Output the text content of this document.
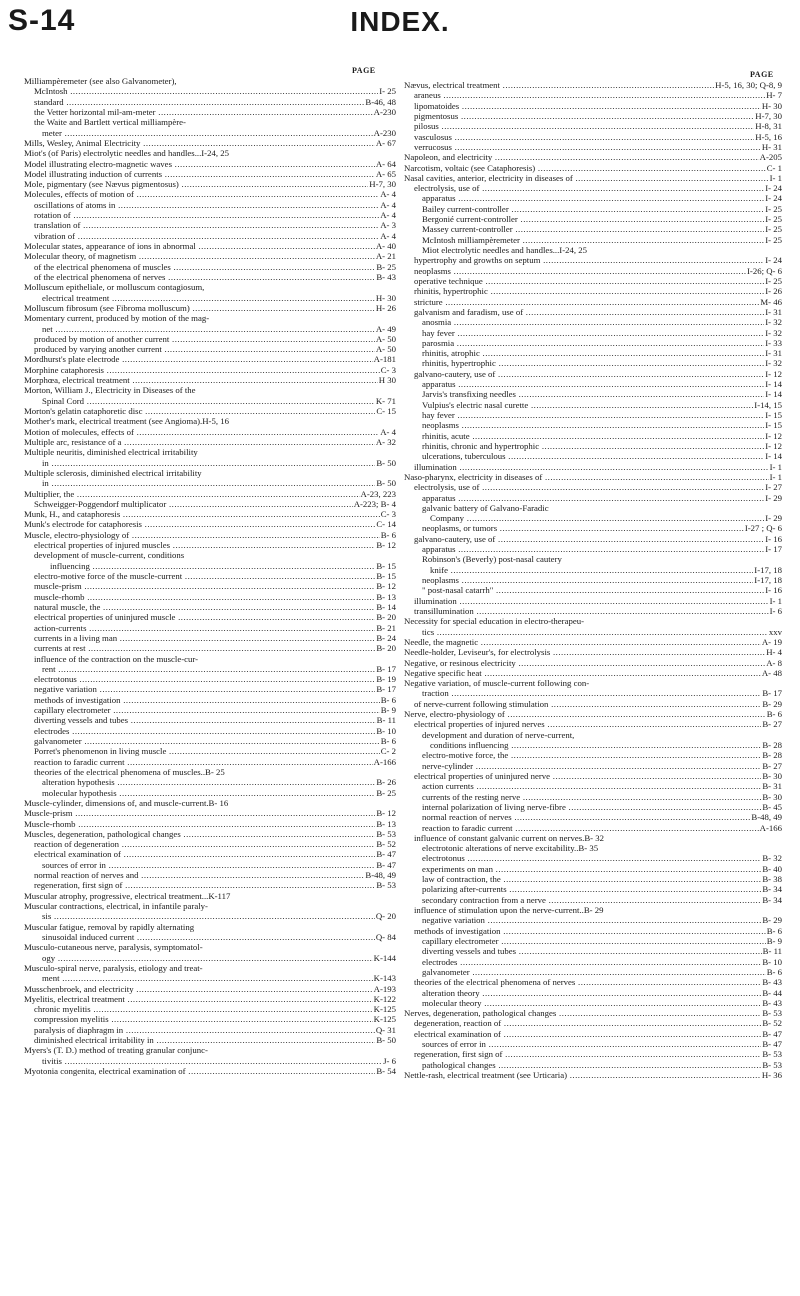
S-14	INDEX.
PAGE	PAGE
Milliampèremeter (see also Galvanometer),
McIntosh .....	I- 25
standard .....	B-46, 48
the Vetter horizontal mil-am-meter .....	A-230
the Waite and Bartlett vertical milliampère-
meter .....	A-230
Mills, Wesley, Animal Electricity .....	A- 67
Miot's (of Paris) electrolytic needles and handles...I-24, 25
Model illustrating electro-magnetic waves .....	A- 64
Model illustrating induction of currents .....	A- 65
Mole, pigmentary (see Nævus pigmentosus) .....	H-7, 30
Molecules, effects of motion of .....	A- 4
oscillations of atoms in .....	A- 4
rotation of .....	A- 4
translation of .....	A- 3
vibration of .....	A- 4
Molecular states, appearance of ions in abnormal .....	A- 40
Molecular theory, of magnetism .....	A- 21
of the electrical phenomena of muscles .....	B- 25
of the electrical phenomena of nerves .....	B- 43
Molluscum epitheliale, or molluscum contagiosum,
electrical treatment .....	H- 30
Molluscum fibrosum (see Fibroma molluscum) .....	H- 26
Momentary current, produced by motion of the mag-
net .....	A- 49
produced by motion of another current .....	A- 50
produced by varying another current .....	A- 50
Mordhurst's plate electrode .....	A-181
Morphine cataphoresis .....	C- 3
Morphœa, electrical treatment .....	H 30
Morton, William J., Electricity in Diseases of the
Spinal Cord .....	K- 71
Morton's gelatin cataphoretic disc .....	C- 15
Mother's mark, electrical treatment (see Angioma).H-5, 16
Motion of molecules, effects of .....	A- 4
Multiple arc, resistance of a .....	A- 32
Multiple neuritis, diminished electrical irritability
in .....	B- 50
Multiple sclerosis, diminished electrical irritability
in .....	B- 50
Multiplier, the .....	A-23, 223
Schweigger-Poggendorf multiplicator .....	A-223; B- 4
Munk, H., and cataphoresis .....	C- 3
Munk's electrode for cataphoresis .....	C- 14
Muscle, electro-physiology of .....	B- 6
electrical properties of injured muscles .....	B- 12
development of muscle-current, conditions
influencing .....	B- 15
electro-motive force of the muscle-current .....	B- 15
muscle-prism .....	B- 12
muscle-rhomb .....	B- 13
natural muscle, the .....	B- 14
electrical properties of uninjured muscle .....	B- 20
action-currents .....	B- 21
currents in a living man .....	B- 24
currents at rest .....	B- 20
influence of the contraction on the muscle-cur-
rent .....	B- 17
electrotonus .....	B- 19
negative variation .....	B- 17
methods of investigation .....	B- 6
capillary electrometer .....	B- 9
diverting vessels and tubes .....	B- 11
electrodes .....	B- 10
galvanometer .....	B- 6
Porret's phenomenon in living muscle .....	C- 2
reaction to faradic current .....	A-166
theories of the electrical phenomena of muscles..B- 25
alteration hypothesis .....	B- 26
molecular hypothesis .....	B- 25
Muscle-cylinder, dimensions of, and muscle-current.B- 16
Muscle-prism .....	B- 12
Muscle-rhomb .....	B- 13
Muscles, degeneration, pathological changes .....	B- 53
reaction of degeneration .....	B- 52
electrical examination of .....	B- 47
sources of error in .....	B- 47
normal reaction of nerves and .....	B-48, 49
regeneration, first sign of .....	B- 53
Muscular atrophy, progressive, electrical treatment...K-117
Muscular contractions, electrical, in infantile paraly-
sis .....	Q- 20
Muscular fatigue, removal by rapidly alternating
sinusoidal induced current .....	Q- 84
Musculo-cutaneous nerve, paralysis, symptomatol-
ogy .....	K-144
Musculo-spiral nerve, paralysis, etiology and treat-
ment .....	K-143
Musschenbroek, and electricity .....	A-193
Myelitis, electrical treatment .....	K-122
chronic myelitis .....	K-125
compression myelitis .....	K-125
paralysis of diaphragm in .....	Q- 31
diminished electrical irritability in .....	B- 50
Myers's (T. D.) method of treating granular conjunc-
tivitis .....	J- 6
Myotonia congenita, electrical examination of .....	B- 54
Nævus, electrical treatment .....	H-5, 16, 30; Q-8, 9
araneus .....	H- 7
lipomatoides .....	H- 30
pigmentosus .....	H-7, 30
pilosus .....	H-8, 31
vasculosus .....	H-5, 16
verrucosus .....	H- 31
Napoleon, and electricity .....	A-205
Narcotism, voltaic (see Cataphoresis) .....	C- 1
Nasal cavities, anterior, electricity in diseases of .....	I- 1
electrolysis, use of .....	I- 24
apparatus .....	I- 24
Bailey current-controller .....	I- 25
Bergonié current-controller .....	I- 25
Massey current-controller .....	I- 25
McIntosh milliampèremeter .....	I- 25
Miot electrolytic needles and handles...I-24, 25
hypertrophy and growths on septum .....	I- 24
neoplasms .....	I-26; Q- 6
operative technique .....	I- 25
rhinitis, hypertrophic .....	I- 26
stricture .....	M- 46
galvanism and faradism, use of .....	I- 31
anosmia .....	I- 32
hay fever .....	I- 32
parosmia .....	I- 33
rhinitis, atrophic .....	I- 31
rhinitis, hypertrophic .....	I- 32
galvano-cautery, use of .....	I- 12
apparatus .....	I- 14
Jarvis's transfixing needles .....	I- 14
Vulpius's electric nasal curette .....	I-14, 15
hay fever .....	I- 15
neoplasms .....	I- 15
rhinitis, acute .....	I- 12
rhinitis, chronic and hypertrophic .....	I- 12
ulcerations, tuberculous .....	I- 14
illumination .....	I- 1
Naso-pharynx, electricity in diseases of .....	I- 1
electrolysis, use of .....	I- 27
apparatus .....	I- 29
galvanic battery of Galvano-Faradic
Company .....	I- 29
neoplasms, or tumors .....	I-27 ; Q- 6
galvano-cautery, use of .....	I- 16
apparatus .....	I- 17
Robinson's (Beverly) post-nasal cautery
knife .....	I-17, 18
neoplasms .....	I-17, 18
" post-nasal catarrh" .....	I- 16
illumination .....	I- 1
transillumination .....	I- 6
Necessity for special education in electro-therapeu-
tics .....	xxv
Needle, the magnetic .....	A- 19
Needle-holder, Leviseur's, for electrolysis .....	H- 4
Negative, or resinous electricity .....	A- 8
Negative specific heat .....	A- 48
Negative variation, of muscle-current following con-
traction .....	B- 17
of nerve-current following stimulation .....	B- 29
Nerve, electro-physiology of .....	B- 6
electrical properties of injured nerves .....	B- 27
development and duration of nerve-current,
conditions influencing .....	B- 28
electro-motive force, the .....	B- 28
nerve-cylinder .....	B- 27
electrical properties of uninjured nerve .....	B- 30
action currents .....	B- 31
currents of the resting nerve .....	B- 30
internal polarization of living nerve-fibre .....	B- 45
normal reaction of nerves .....	B-48, 49
reaction to faradic current .....	A-166
influence of constant galvanic current on nerves.B- 32
electrotonic alterations of nerve excitability..B- 35
electrotonus .....	B- 32
experiments on man .....	B- 40
law of contraction, the .....	B- 38
polarizing after-currents .....	B- 34
secondary contraction from a nerve .....	B- 34
influence of stimulation upon the nerve-current..B- 29
negative variation .....	B- 29
methods of investigation .....	B- 6
capillary electrometer .....	B- 9
diverting vessels and tubes .....	B- 11
electrodes .....	B- 10
galvanometer .....	B- 6
theories of the electrical phenomena of nerves .....	B- 43
alteration theory .....	B- 44
molecular theory .....	B- 43
Nerves, degeneration, pathological changes .....	B- 53
degeneration, reaction of .....	B- 52
electrical examination of .....	B- 47
sources of error in .....	B- 47
regeneration, first sign of .....	B- 53
pathological changes .....	B- 53
Nettle-rash, electrical treatment (see Urticaria) .....	H- 36
